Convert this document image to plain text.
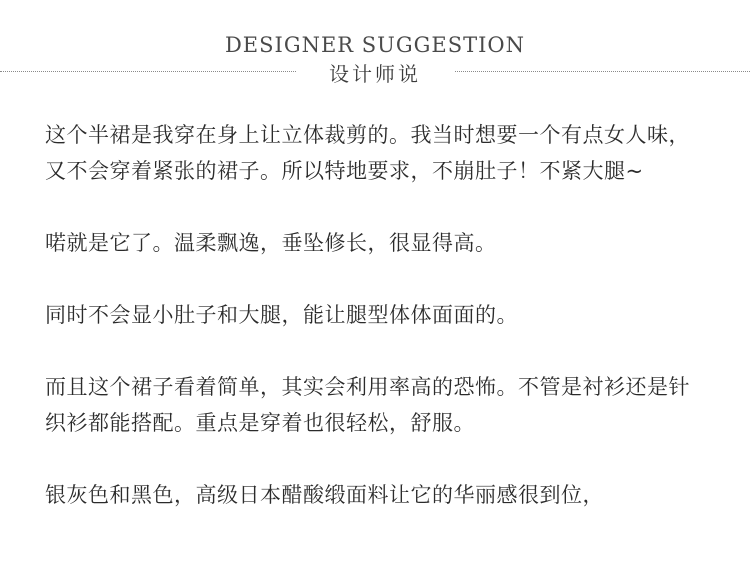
DESIGNER SUGGESTION
设计师说

这个半裙是我穿在身上让立体裁剪的。我当时想要一个有点女人味，又不会穿着紧张的裙子。所以特地要求，不崩肚子！不紧大腿~

喏就是它了。温柔飘逸，垂坠修长，很显得高。

同时不会显小肚子和大腿，能让腿型体体面面的。

而且这个裙子看着简单，其实会利用率高的恐怖。不管是衬衫还是针织衫都能搭配。重点是穿着也很轻松，舒服。

银灰色和黑色，高级日本醋酸缎面料让它的华丽感很到位，
